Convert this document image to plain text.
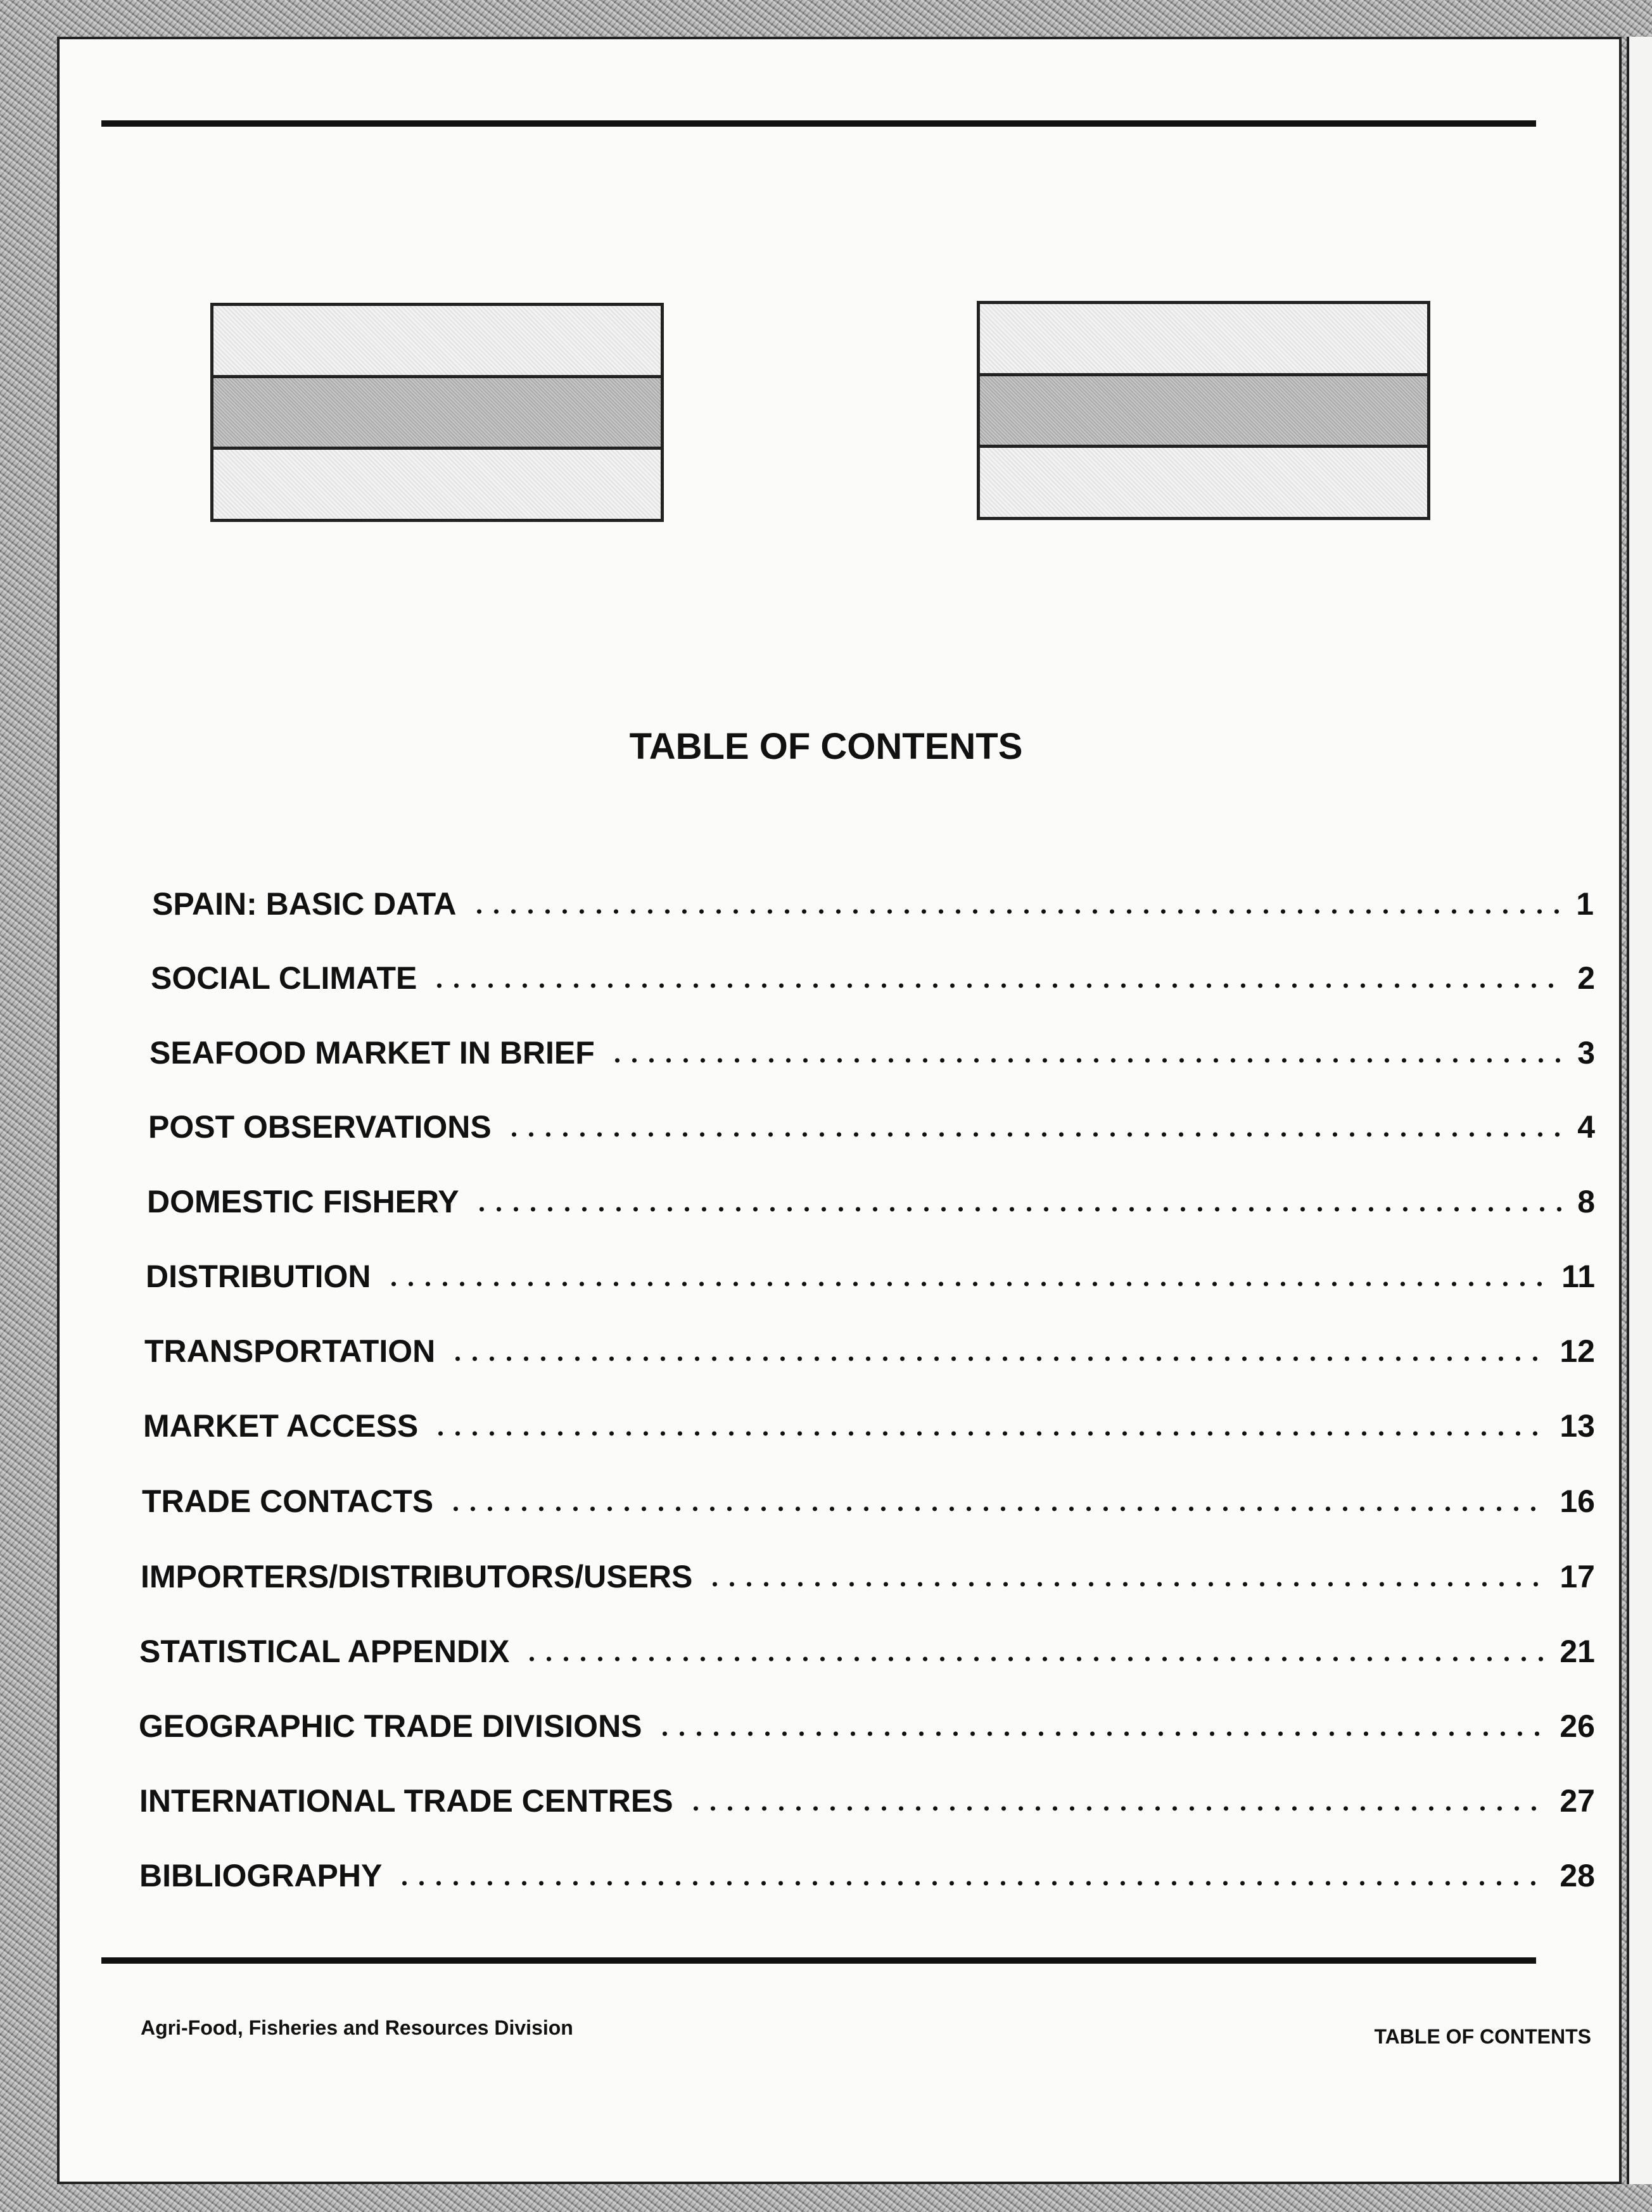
TABLE OF CONTENTS
SPAIN: BASIC DATA	1
SOCIAL CLIMATE	2
SEAFOOD MARKET IN BRIEF	3
POST OBSERVATIONS	4
DOMESTIC FISHERY	8
DISTRIBUTION	11
TRANSPORTATION	12
MARKET ACCESS	13
TRADE CONTACTS	16
IMPORTERS/DISTRIBUTORS/USERS	17
STATISTICAL APPENDIX	21
GEOGRAPHIC TRADE DIVISIONS	26
INTERNATIONAL TRADE CENTRES	27
BIBLIOGRAPHY	28
Agri-Food, Fisheries and Resources Division	TABLE OF CONTENTS
